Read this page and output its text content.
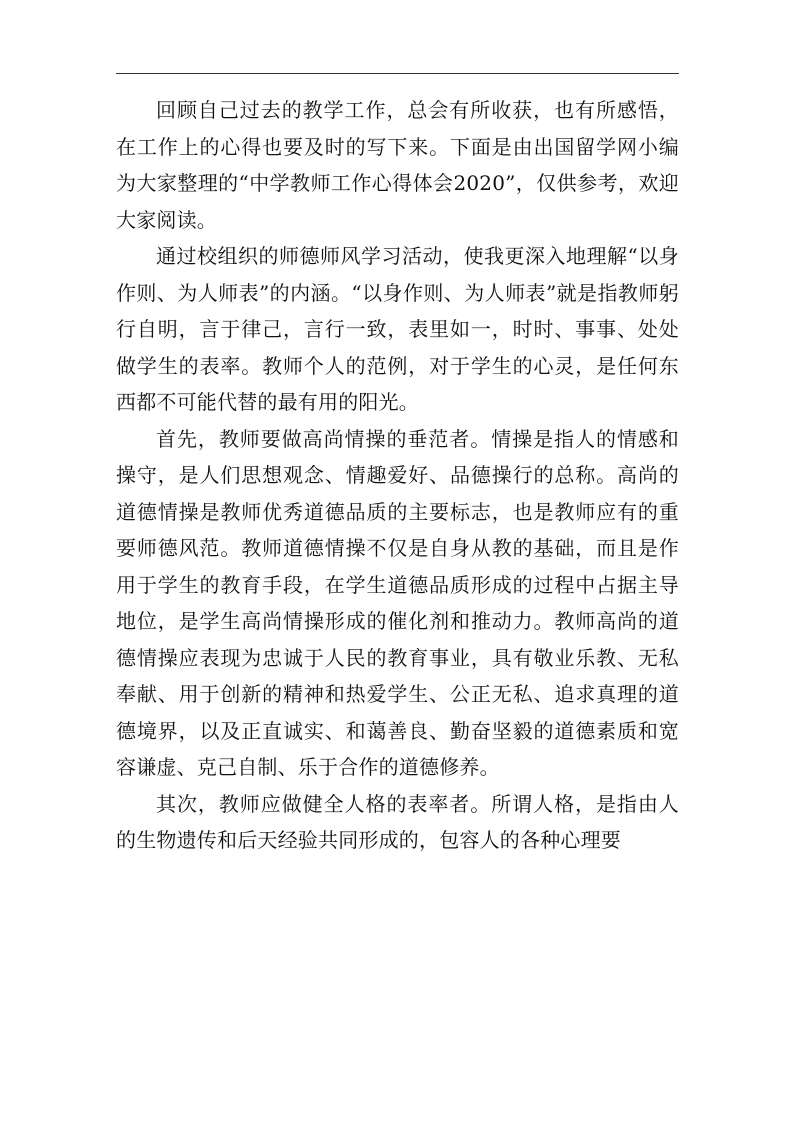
回顾自己过去的教学工作，总会有所收获，也有所感悟，在工作上的心得也要及时的写下来。下面是由出国留学网小编为大家整理的“中学教师工作心得体会2020”，仅供参考，欢迎大家阅读。

通过校组织的师德师风学习活动，使我更深入地理解“以身作则、为人师表”的内涵。“以身作则、为人师表”就是指教师躬行自明，言于律己，言行一致，表里如一，时时、事事、处处做学生的表率。教师个人的范例，对于学生的心灵，是任何东西都不可能代替的最有用的阳光。

首先，教师要做高尚情操的垂范者。情操是指人的情感和操守，是人们思想观念、情趣爱好、品德操行的总称。高尚的道德情操是教师优秀道德品质的主要标志，也是教师应有的重要师德风范。教师道德情操不仅是自身从教的基础，而且是作用于学生的教育手段，在学生道德品质形成的过程中占据主导地位，是学生高尚情操形成的催化剂和推动力。教师高尚的道德情操应表现为忠诚于人民的教育事业，具有敬业乐教、无私奉献、用于创新的精神和热爱学生、公正无私、追求真理的道德境界，以及正直诚实、和蔼善良、勤奋坚毅的道德素质和宽容谦虚、克己自制、乐于合作的道德修养。

其次，教师应做健全人格的表率者。所谓人格，是指由人的生物遗传和后天经验共同形成的，包容人的各种心理要
